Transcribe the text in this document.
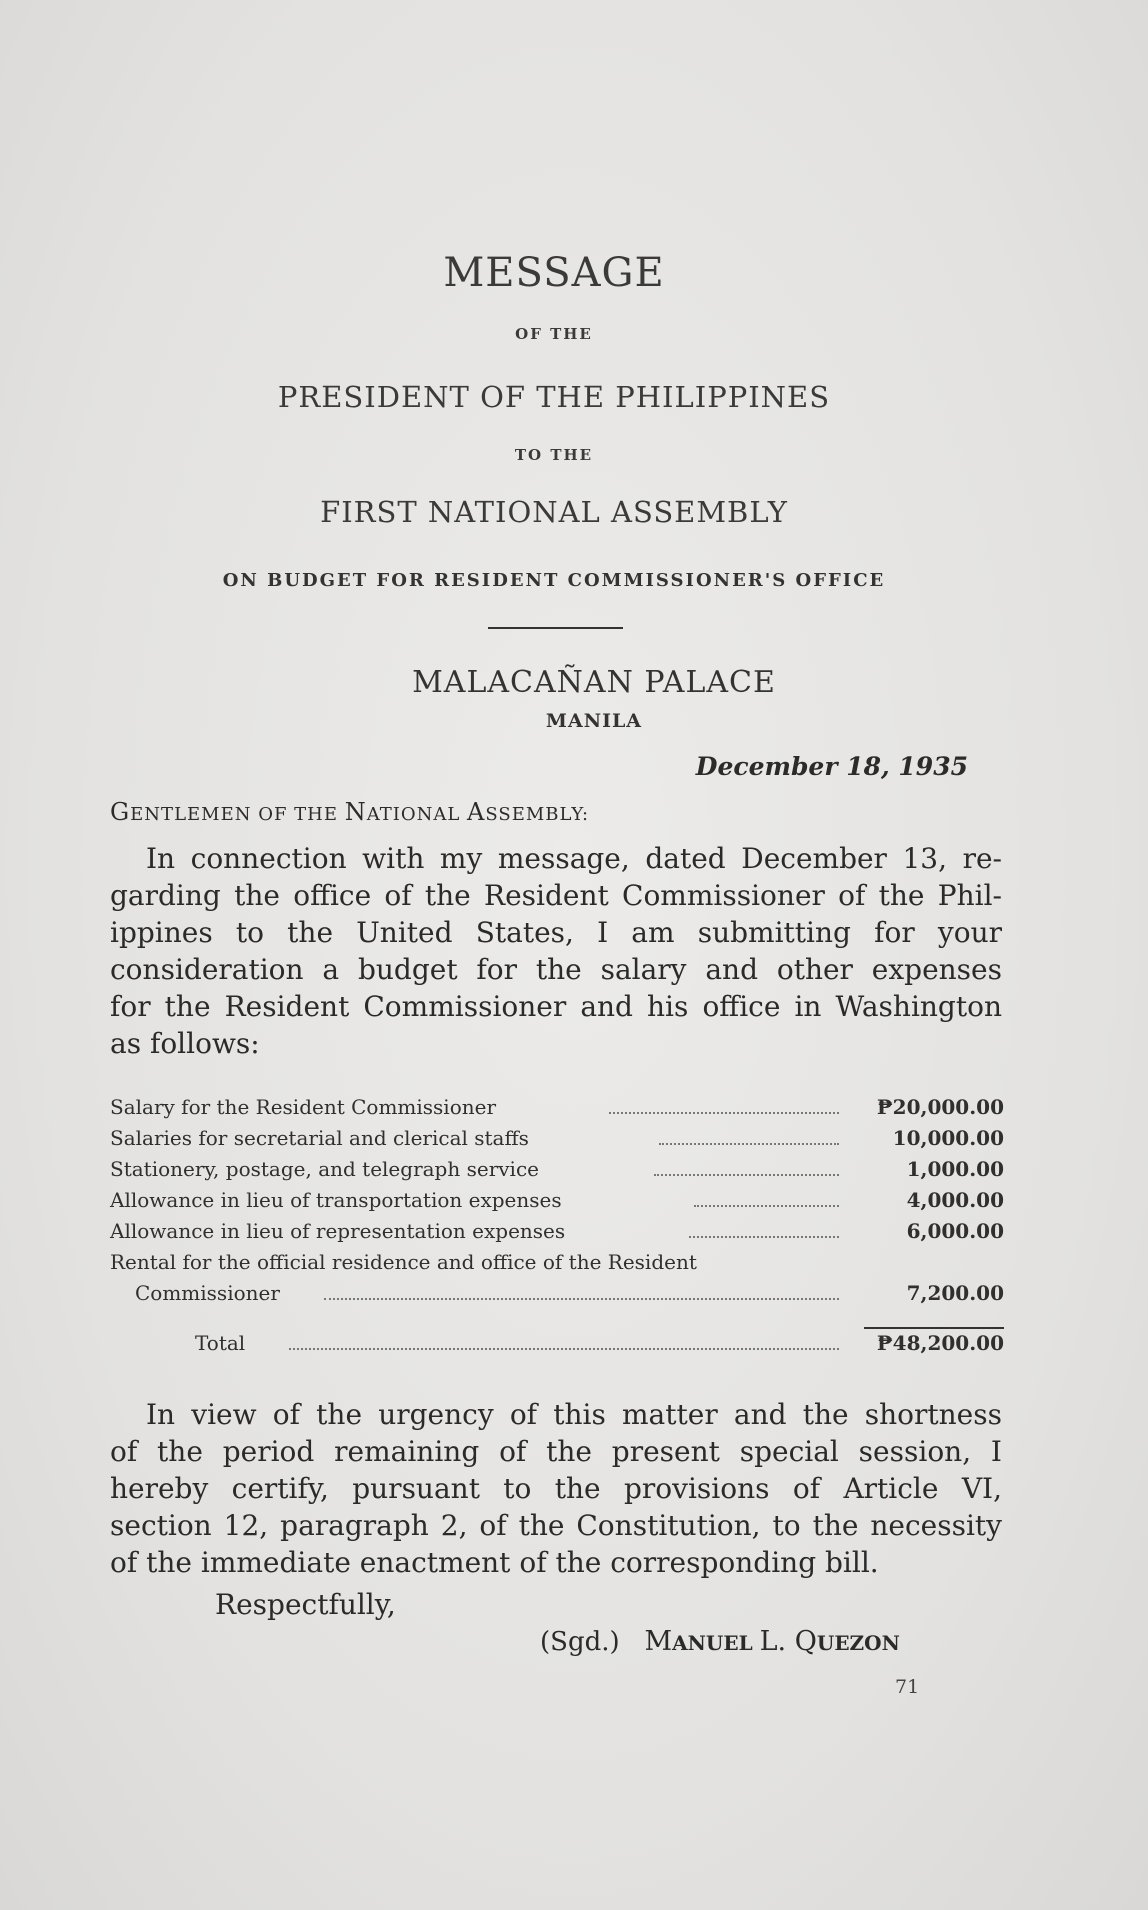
MESSAGE
OF THE
PRESIDENT OF THE PHILIPPINES
TO THE
FIRST NATIONAL ASSEMBLY
ON BUDGET FOR RESIDENT COMMISSIONER'S OFFICE
MALACAÑAN PALACE
MANILA
December 18, 1935
GENTLEMEN OF THE NATIONAL ASSEMBLY:
In connection with my message, dated December 13, re-
garding the office of the Resident Commissioner of the Phil-
ippines to the United States, I am submitting for your
consideration a budget for the salary and other expenses
for the Resident Commissioner and his office in Washington
as follows:
Salary for the Resident Commissioner	₱20,000.00
Salaries for secretarial and clerical staffs	10,000.00
Stationery, postage, and telegraph service	1,000.00
Allowance in lieu of transportation expenses	4,000.00
Allowance in lieu of representation expenses	6,000.00
Rental for the official residence and office of the Resident
Commissioner	7,200.00
Total	₱48,200.00
In view of the urgency of this matter and the shortness
of the period remaining of the present special session, I
hereby certify, pursuant to the provisions of Article VI,
section 12, paragraph 2, of the Constitution, to the necessity
of the immediate enactment of the corresponding bill.
Respectfully,
(Sgd.) MANUEL L. QUEZON
71
